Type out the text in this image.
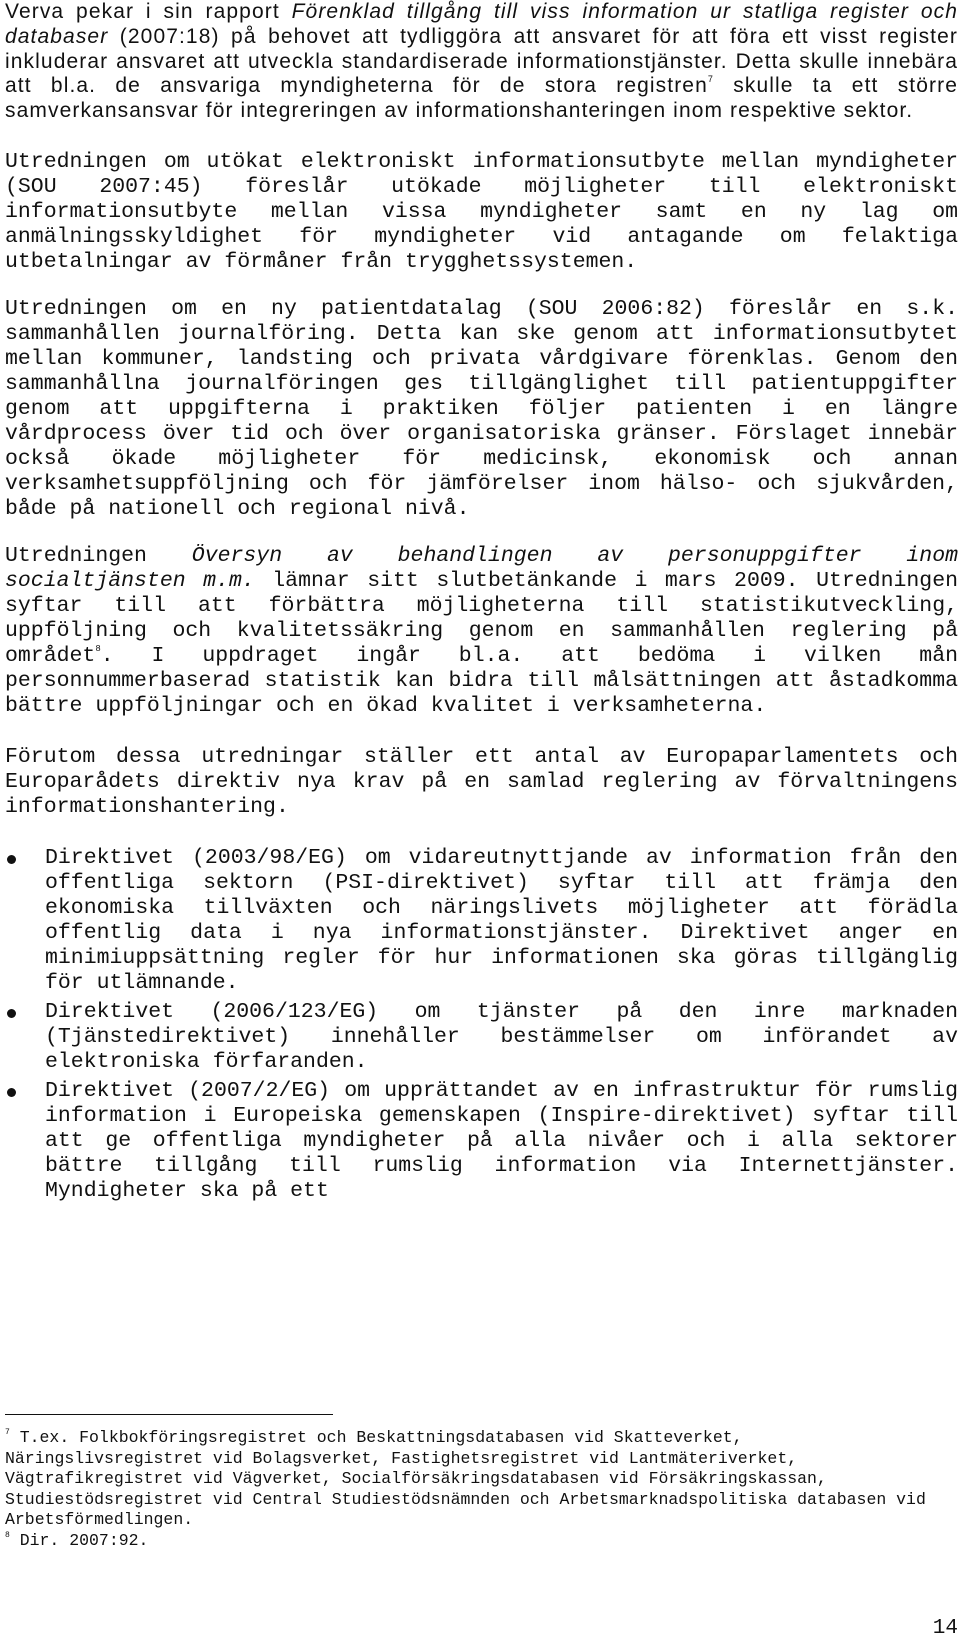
Verva pekar i sin rapport Förenklad tillgång till viss information ur statliga register och databaser (2007:18) på behovet att tydliggöra att ansvaret för att föra ett visst register inkluderar ansvaret att utveckla standardiserade informationstjänster. Detta skulle innebära att bl.a. de ansvariga myndigheterna för de stora registren$^7$ skulle ta ett större samverkansansvar för integreringen av informationshanteringen inom respektive sektor.

Utredningen om utökat elektroniskt informationsutbyte mellan myndigheter (SOU 2007:45) föreslår utökade möjligheter till elektroniskt informationsutbyte mellan vissa myndigheter samt en ny lag om anmälningsskyldighet för myndigheter vid antagande om felaktiga utbetalningar av förmåner från trygghetssystemen.

Utredningen om en ny patientdatalag (SOU 2006:82) föreslår en s.k. sammanhållen journalföring. Detta kan ske genom att informationsutbytet mellan kommuner, landsting och privata vårdgivare förenklas. Genom den sammanhållna journalföringen ges tillgänglighet till patientuppgifter genom att uppgifterna i praktiken följer patienten i en längre vårdprocess över tid och över organisatoriska gränser. Förslaget innebär också ökade möjligheter för medicinsk, ekonomisk och annan verksamhetsuppföljning och för jämförelser inom hälso- och sjukvården, både på nationell och regional nivå.

Utredningen Översyn av behandlingen av personuppgifter inom socialtjänsten m.m. lämnar sitt slutbetänkande i mars 2009. Utredningen syftar till att förbättra möjligheterna till statistikutveckling, uppföljning och kvalitetssäkring genom en sammanhållen reglering på området$^8$. I uppdraget ingår bl.a. att bedöma i vilken mån personnummerbaserad statistik kan bidra till målsättningen att åstadkomma bättre uppföljningar och en ökad kvalitet i verksamheterna.

Förutom dessa utredningar ställer ett antal av Europaparlamentets och Europarådets direktiv nya krav på en samlad reglering av förvaltningens informationshantering.

Direktivet (2003/98/EG) om vidareutnyttjande av information från den offentliga sektorn (PSI-direktivet) syftar till att främja den ekonomiska tillväxten och näringslivets möjligheter att förädla offentlig data i nya informationstjänster. Direktivet anger en minimiuppsättning regler för hur informationen ska göras tillgänglig för utlämnande.
Direktivet (2006/123/EG) om tjänster på den inre marknaden (Tjänstedirektivet) innehåller bestämmelser om införandet av elektroniska förfaranden.
Direktivet (2007/2/EG) om upprättandet av en infrastruktur för rumslig information i Europeiska gemenskapen (Inspire-direktivet) syftar till att ge offentliga myndigheter på alla nivåer och i alla sektorer bättre tillgång till rumslig information via Internettjänster. Myndigheter ska på ett
$^7$ T.ex. Folkbokföringsregistret och Beskattningsdatabasen vid Skatteverket, Näringslivsregistret vid Bolagsverket, Fastighetsregistret vid Lantmäteriverket, Vägtrafikregistret vid Vägverket, Socialförsäkringsdatabasen vid Försäkringskassan, Studiestödsregistret vid Central Studiestödsnämnden och Arbetsmarknadspolitiska databasen vid Arbetsförmedlingen.
$^8$ Dir. 2007:92.
14
